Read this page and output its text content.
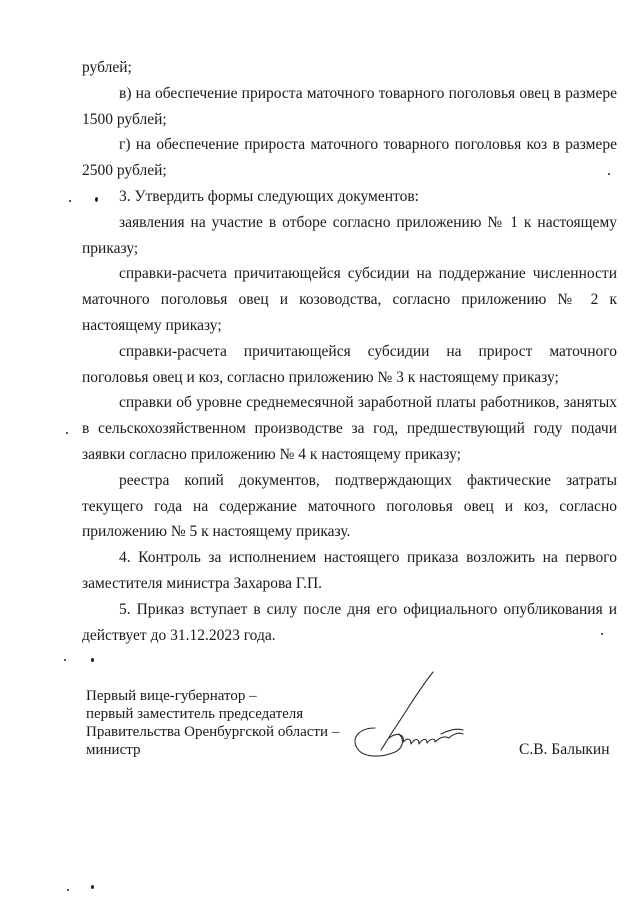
рублей;

в) на обеспечение прироста маточного товарного поголовья овец в размере 1500 рублей;

г) на обеспечение прироста маточного товарного поголовья коз в размере 2500 рублей;

3. Утвердить формы следующих документов:

заявления на участие в отборе согласно приложению № 1 к настоящему приказу;

справки-расчета причитающейся субсидии на поддержание численности маточного поголовья овец и козоводства, согласно приложению № 2 к настоящему приказу;

справки-расчета причитающейся субсидии на прирост маточного поголовья овец и коз, согласно приложению № 3 к настоящему приказу;

справки об уровне среднемесячной заработной платы работников, занятых в сельскохозяйственном производстве за год, предшествующий году подачи заявки согласно приложению № 4 к настоящему приказу;

реестра копий документов, подтверждающих фактические затраты текущего года на содержание маточного поголовья овец и коз, согласно приложению № 5 к настоящему приказу.

4. Контроль за исполнением настоящего приказа возложить на первого заместителя министра Захарова Г.П.

5. Приказ вступает в силу после дня его официального опубликования и действует до 31.12.2023 года.

Первый вице-губернатор –
первый заместитель председателя
Правительства Оренбургской области –
министр	С.В. Балыкин
